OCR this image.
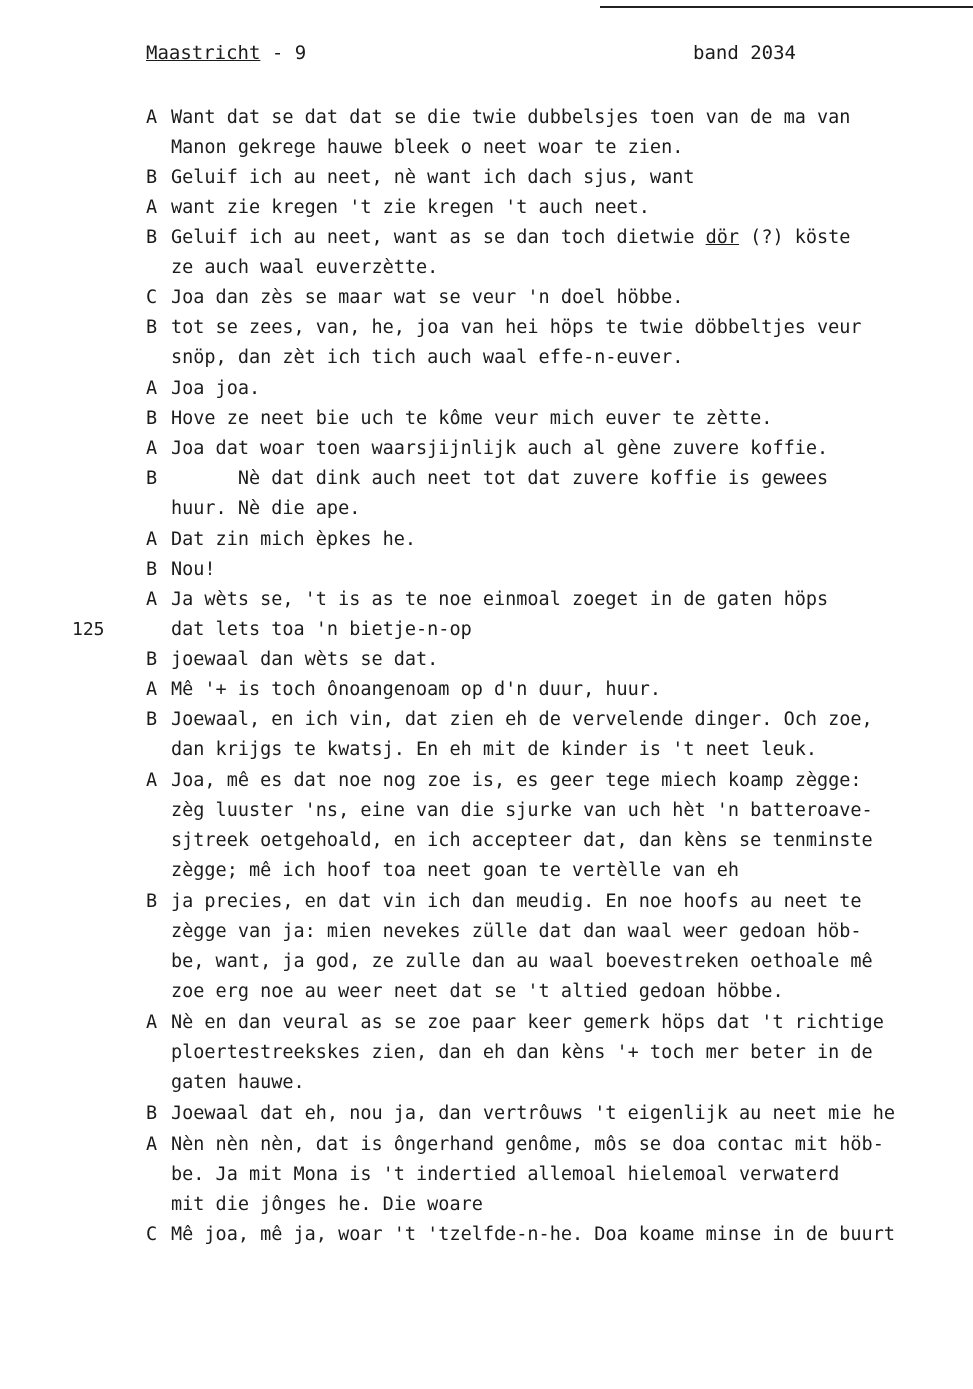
Maastricht - 9	band 2034
125
A Want dat se dat dat se die twie dubbelsjes toen van de ma van
Manon gekrege hauwe bleek o neet woar te zien.
B Geluif ich au neet, nè want ich dach sjus, want
A want zie kregen 't zie kregen 't auch neet.
B Geluif ich au neet, want as se dan toch dietwie dör (?) köste
ze auch waal euverzètte.
C Joa dan zès se maar wat se veur 'n doel höbbe.
B tot se zees, van, he, joa van hei höps te twie döbbeltjes veur
snöp, dan zèt ich tich auch waal effe-n-euver.
A Joa joa.
B Hove ze neet bie uch te kôme veur mich euver te zètte.
A Joa dat woar toen waarsjijnlijk auch al gène zuvere koffie.
B      Nè dat dink auch neet tot dat zuvere koffie is gewees
huur. Nè die ape.
A Dat zin mich èpkes he.
B Nou!
A Ja wèts se, 't is as te noe einmoal zoeget in de gaten höps
dat lets toa 'n bietje-n-op
B joewaal dan wèts se dat.
A Mê '+ is toch ônoangenoam op d'n duur, huur.
B Joewaal, en ich vin, dat zien eh de vervelende dinger. Och zoe,
dan krijgs te kwatsj. En eh mit de kinder is 't neet leuk.
A Joa, mê es dat noe nog zoe is, es geer tege miech koamp zègge:
zèg luuster 'ns, eine van die sjurke van uch hèt 'n batteroave-
sjtreek oetgehoald, en ich accepteer dat, dan kèns se tenminste
zègge; mê ich hoof toa neet goan te vertèlle van eh
B ja precies, en dat vin ich dan meudig. En noe hoofs au neet te
zègge van ja: mien nevekes zülle dat dan waal weer gedoan höb-
be, want, ja god, ze zulle dan au waal boevestreken oethoale mê
zoe erg noe au weer neet dat se 't altied gedoan höbbe.
A Nè en dan veural as se zoe paar keer gemerk höps dat 't richtige
ploertestreekskes zien, dan eh dan kèns '+ toch mer beter in de
gaten hauwe.
B Joewaal dat eh, nou ja, dan vertrôuws 't eigenlijk au neet mie he
A Nèn nèn nèn, dat is ôngerhand genôme, môs se doa contac mit höb-
be. Ja mit Mona is 't indertied allemoal hielemoal verwaterd
mit die jônges he. Die woare
C Mê joa, mê ja, woar 't 'tzelfde-n-he. Doa koame minse in de buurt
